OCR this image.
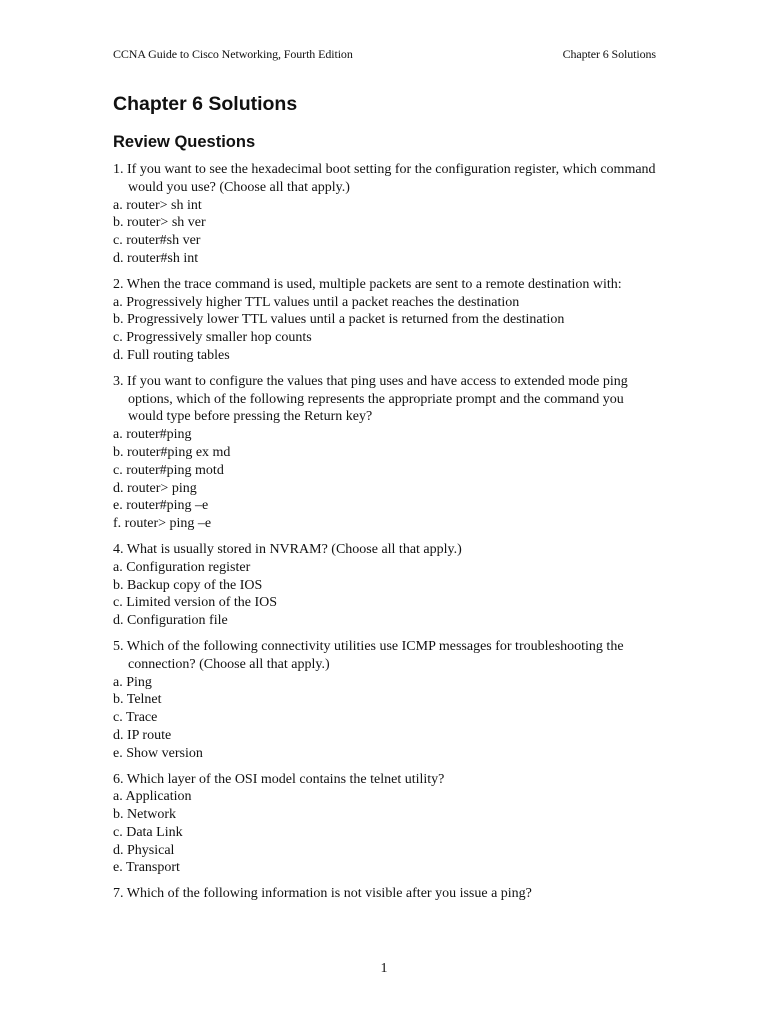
CCNA Guide to Cisco Networking, Fourth Edition	Chapter 6 Solutions
Chapter 6 Solutions
Review Questions
1. If you want to see the hexadecimal boot setting for the configuration register, which command would you use? (Choose all that apply.)
a. router> sh int
b. router> sh ver
c. router#sh ver
d. router#sh int
2. When the trace command is used, multiple packets are sent to a remote destination with:
a. Progressively higher TTL values until a packet reaches the destination
b. Progressively lower TTL values until a packet is returned from the destination
c. Progressively smaller hop counts
d. Full routing tables
3. If you want to configure the values that ping uses and have access to extended mode ping options, which of the following represents the appropriate prompt and the command you would type before pressing the Return key?
a. router#ping
b. router#ping ex md
c. router#ping motd
d. router> ping
e. router#ping –e
f. router> ping –e
4. What is usually stored in NVRAM? (Choose all that apply.)
a. Configuration register
b. Backup copy of the IOS
c. Limited version of the IOS
d. Configuration file
5. Which of the following connectivity utilities use ICMP messages for troubleshooting the connection? (Choose all that apply.)
a. Ping
b. Telnet
c. Trace
d. IP route
e. Show version
6. Which layer of the OSI model contains the telnet utility?
a. Application
b. Network
c. Data Link
d. Physical
e. Transport
7. Which of the following information is not visible after you issue a ping?
1
